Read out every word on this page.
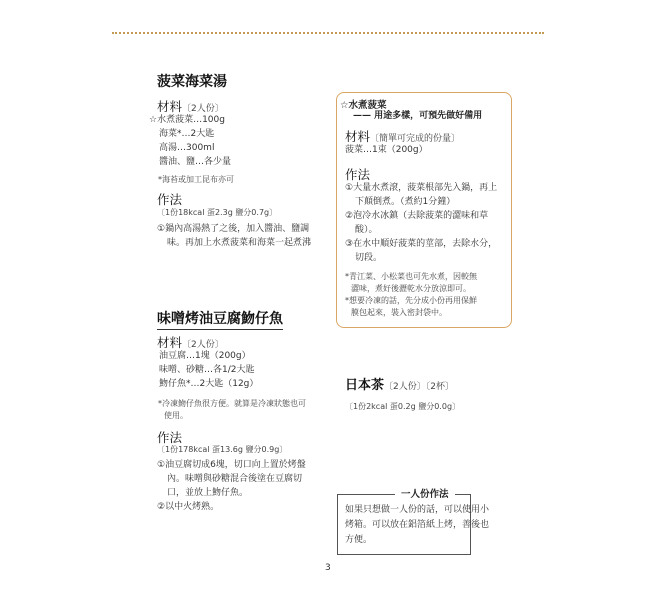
菠菜海菜湯
材料〔2人份〕
☆水煮菠菜…100g
海菜*…2大匙
高湯…300ml
醬油、鹽…各少量
*海苔或加工昆布亦可
作法
〔1份18kcal 蛋2.3g 鹽分0.7g〕
①鍋內高湯熱了之後，加入醬油、鹽調
味。再加上水煮菠菜和海菜一起煮沸
味噌烤油豆腐魩仔魚
材料〔2人份〕
油豆腐…1塊（200g）
味噌、砂糖…各1/2大匙
魩仔魚*…2大匙（12g）
*冷凍魩仔魚很方便。就算是冷凍狀態也可
使用。
作法
〔1份178kcal 蛋13.6g 鹽分0.9g〕
①油豆腐切成6塊，切口向上置於烤盤
內。味噌與砂糖混合後塗在豆腐切
口，並放上魩仔魚。
②以中火烤熟。
☆水煮菠菜
—— 用途多樣，可預先做好備用
材料〔簡單可完成的份量〕
菠菜…1束（200g）
作法
①大量水煮滾，菠菜根部先入鍋，再上
下顛倒煮。（煮約1分鐘）
②泡冷水冰鎮（去除菠菜的澀味和草
酸）。
③在水中順好菠菜的莖部，去除水分，
切段。
*青江菜、小松菜也可先水煮，因較無
澀味，煮好後瀝乾水分放涼即可。
*想要冷凍的話，先分成小份再用保鮮
膜包起來，裝入密封袋中。
日本茶〔2人份〕〔2杯〕
〔1份2kcal 蛋0.2g 鹽分0.0g〕
一人份作法
如果只想做一人份的話，可以使用小
烤箱。可以放在鋁箔紙上烤，善後也
方便。
3
